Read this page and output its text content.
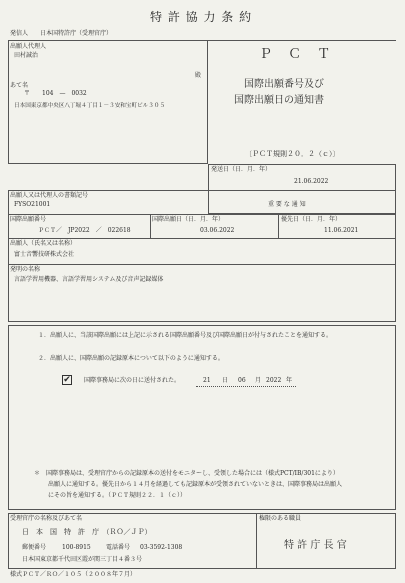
特 許 協 力 条 約
発信人 日本国特許庁（受理官庁）
出願人代理人
田村誠治
殿
あて名
〒 104　—　0032
日本国東京都中央区八丁堀４丁目１－３安和宝町ビル３０５
Ｐ Ｃ Ｔ
国際出願番号及び
国際出願日の通知書
〔ＰＣＴ規則２０．２（ｃ）〕
発送日（日．月．年）
21.06.2022
重 要 な 通 知
出願人又は代理人の書類記号
FYSO21001
国際出願番号
ＰＣＴ／　JP2022　／　022618
国際出願日（日．月．年）
03.06.2022
優先日（日．月．年）
11.06.2021
出願人（氏名又は名称）
富士音響技研株式会社
発明の名称
言語学習用機器、言語学習用システム及び音声記録媒体
１．出願人に、当該国際出願には上記に示される国際出願番号及び国際出願日が付与されたことを通知する。
２．出願人に、国際出願の記録原本について以下のように通知する。
✔ 国際事務局に次の日に送付された。	21 日 06 月 2022 年
＊　国際事務局は、受理官庁からの記録原本の送付をモニターし、受領した場合には（様式PCT/IB/301により）
出願人に通知する。優先日から１４月を経過しても記録原本が受領されていないときは、国際事務局は出願人
にその旨を通知する。（ＰＣＴ規則２２．１（ｃ））
受理官庁の名称及びあて名
日　本　国　特　許　庁　（ＲＯ／ＪＰ）
郵便番号	100-8915	電話番号 03-3592-1308
日本国東京都千代田区霞が関三丁目４番３号
権限のある職員
特 許 庁 長 官
様式ＰＣＴ／ＲＯ／１０５（２００８年７月）
